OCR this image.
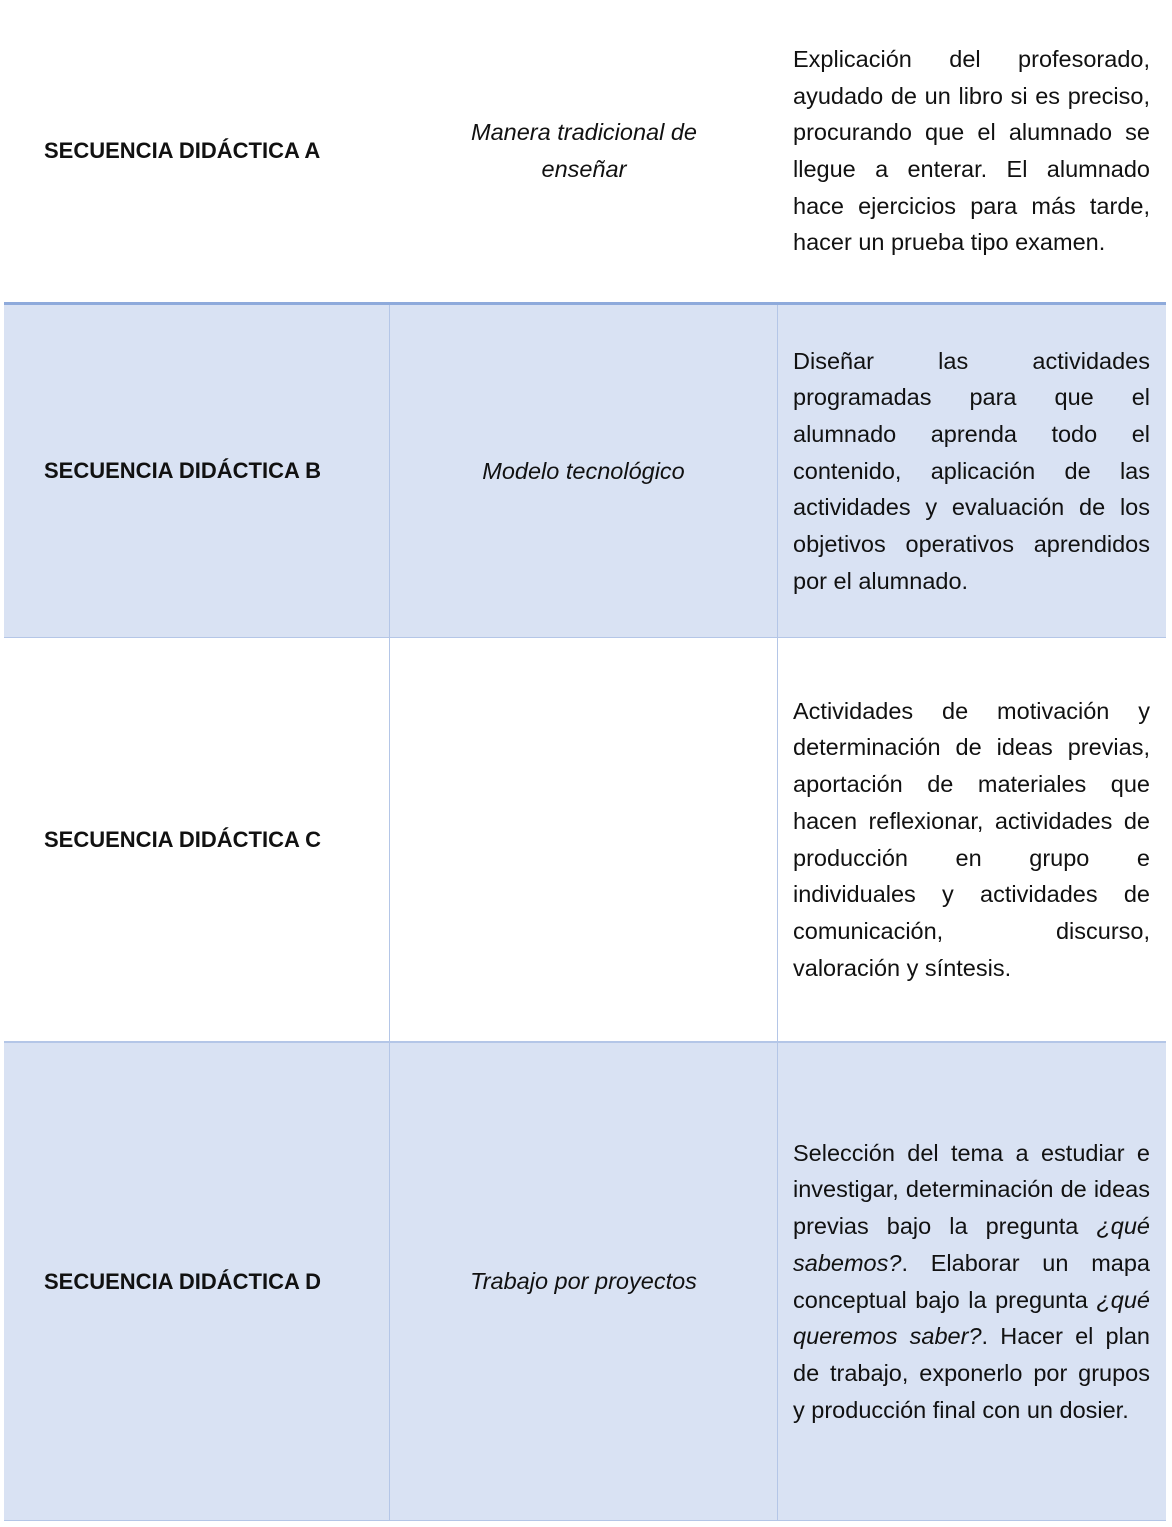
SECUENCIA DIDÁCTICA A
Manera tradicional de enseñar

Explicación del profesorado, ayudado de un libro si es preciso, procurando que el alumnado se llegue a enterar. El alumnado hace ejercicios para más tarde, hacer un prueba tipo examen.

SECUENCIA DIDÁCTICA B	Modelo tecnológico

Diseñar las actividades programadas para que el alumnado aprenda todo el contenido, aplicación de las actividades y evaluación de los objetivos operativos aprendidos por el alumnado.

SECUENCIA DIDÁCTICA C

Actividades de motivación y determinación de ideas previas, aportación de materiales que hacen reflexionar, actividades de producción en grupo e individuales y actividades de comunicación, discurso, valoración y síntesis.

SECUENCIA DIDÁCTICA D	Trabajo por proyectos

Selección del tema a estudiar e investigar, determinación de ideas previas bajo la pregunta ¿qué sabemos?. Elaborar un mapa conceptual bajo la pregunta ¿qué queremos saber?. Hacer el plan de trabajo, exponerlo por grupos y producción final con un dosier.
